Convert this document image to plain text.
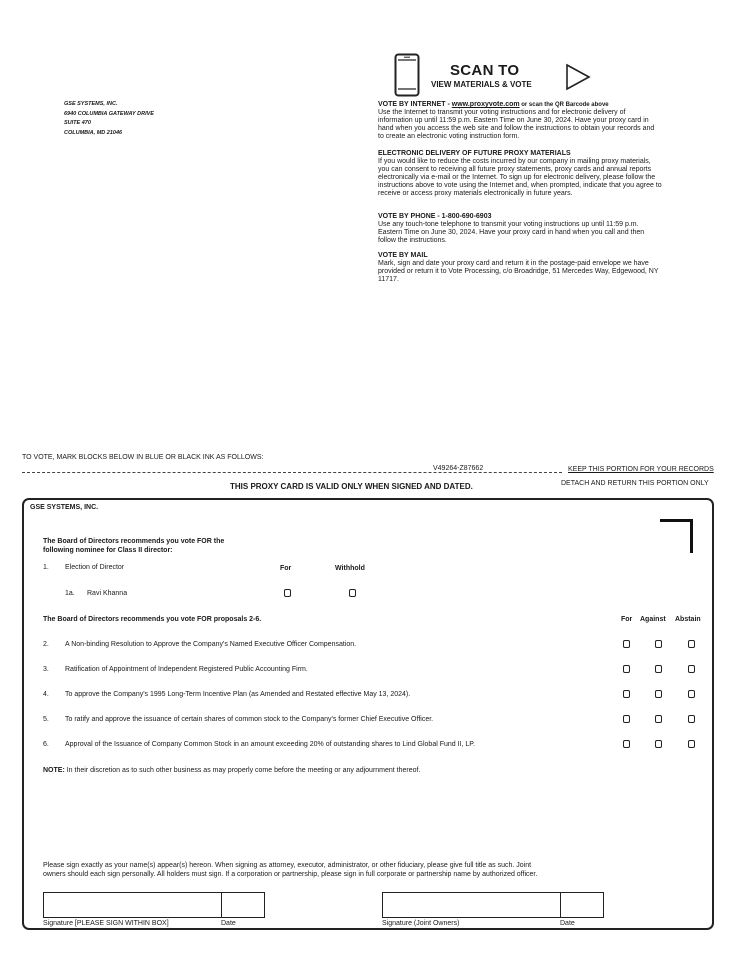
GSE SYSTEMS, INC.
6940 COLUMBIA GATEWAY DRIVE
SUITE 470
COLUMBIA, MD 21046
SCAN TO
VIEW MATERIALS & VOTE
VOTE BY INTERNET - www.proxyvote.com or scan the QR Barcode above
Use the Internet to transmit your voting instructions and for electronic delivery of information up until 11:59 p.m. Eastern Time on June 30, 2024. Have your proxy card in hand when you access the web site and follow the instructions to obtain your records and to create an electronic voting instruction form.
ELECTRONIC DELIVERY OF FUTURE PROXY MATERIALS
If you would like to reduce the costs incurred by our company in mailing proxy materials, you can consent to receiving all future proxy statements, proxy cards and annual reports electronically via e-mail or the Internet. To sign up for electronic delivery, please follow the instructions above to vote using the Internet and, when prompted, indicate that you agree to receive or access proxy materials electronically in future years.
VOTE BY PHONE - 1-800-690-6903
Use any touch-tone telephone to transmit your voting instructions up until 11:59 p.m. Eastern Time on June 30, 2024. Have your proxy card in hand when you call and then follow the instructions.
VOTE BY MAIL
Mark, sign and date your proxy card and return it in the postage-paid envelope we have provided or return it to Vote Processing, c/o Broadridge, 51 Mercedes Way, Edgewood, NY 11717.
TO VOTE, MARK BLOCKS BELOW IN BLUE OR BLACK INK AS FOLLOWS:
V49264-Z87662	KEEP THIS PORTION FOR YOUR RECORDS
DETACH AND RETURN THIS PORTION ONLY
THIS PROXY CARD IS VALID ONLY WHEN SIGNED AND DATED.
GSE SYSTEMS, INC.
The Board of Directors recommends you vote FOR the
following nominee for Class II director:
1. Election of Director	For	Withhold
1a. Ravi Khanna
The Board of Directors recommends you vote FOR proposals 2-6.	For Against Abstain
2. A Non-binding Resolution to Approve the Company's Named Executive Officer Compensation.
3. Ratification of Appointment of Independent Registered Public Accounting Firm.
4. To approve the Company's 1995 Long-Term Incentive Plan (as Amended and Restated effective May 13, 2024).
5. To ratify and approve the issuance of certain shares of common stock to the Company's former Chief Executive Officer.
6. Approval of the Issuance of Company Common Stock in an amount exceeding 20% of outstanding shares to Lind Global Fund II, LP.
NOTE: In their discretion as to such other business as may properly come before the meeting or any adjournment thereof.
Please sign exactly as your name(s) appear(s) hereon. When signing as attorney, executor, administrator, or other fiduciary, please give full title as such. Joint
owners should each sign personally. All holders must sign. If a corporation or partnership, please sign in full corporate or partnership name by authorized officer.
Signature [PLEASE SIGN WITHIN BOX]	Date	Signature (Joint Owners)	Date
